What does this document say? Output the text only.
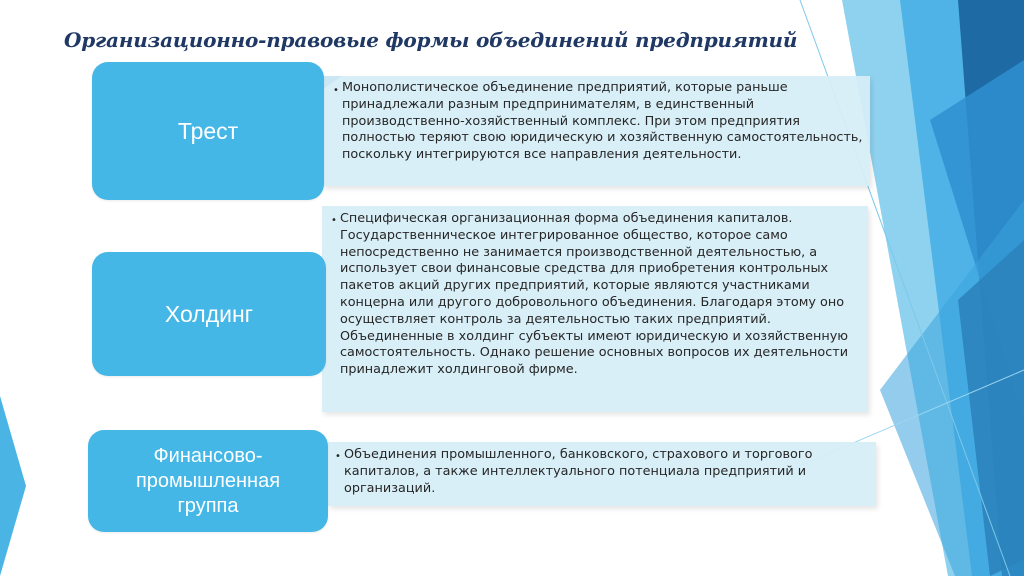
Организационно-правовые формы объединений предприятий
• Монополистическое объединение предприятий, которые раньше принадлежали разным предпринимателям, в единственный производственно-хозяйственный комплекс. При этом предприятия полностью теряют свою юридическую и хозяйственную самостоятельность, поскольку интегрируются все направления деятельности.
Трест
• Специфическая организационная форма объединения капиталов. Государственническое интегрированное общество, которое само непосредственно не занимается производственной деятельностью, а использует свои финансовые средства для приобретения контрольных пакетов акций других предприятий, которые являются участниками концерна или другого добровольного объединения. Благодаря этому оно осуществляет контроль за деятельностью таких предприятий. Объединенные в холдинг субъекты имеют юридическую и хозяйственную самостоятельность. Однако решение основных вопросов их деятельности принадлежит холдинговой фирме.
Холдинг
• Объединения промышленного, банковского, страхового и торгового капиталов, а также интеллектуального потенциала предприятий и организаций.
Финансово-
промышленная
группа
